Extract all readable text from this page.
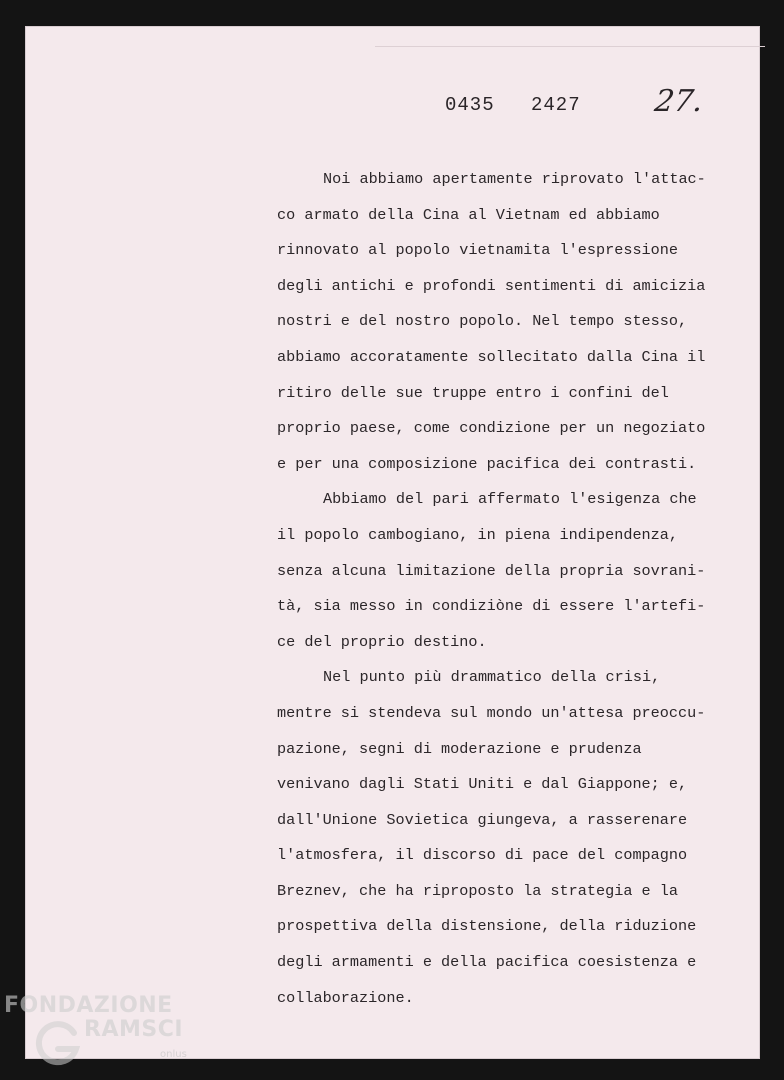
0435 2427 27.
Noi abbiamo apertamente riprovato l'attac-
co armato della Cina al Vietnam ed abbiamo
rinnovato al popolo vietnamita l'espressione
degli antichi e profondi sentimenti di amicizia
nostri e del nostro popolo. Nel tempo stesso,
abbiamo accoratamente sollecitato dalla Cina il
ritiro delle sue truppe entro i confini del
proprio paese, come condizione per un negoziato
e per una composizione pacifica dei contrasti.
Abbiamo del pari affermato l'esigenza che
il popolo cambogiano, in piena indipendenza,
senza alcuna limitazione della propria sovrani-
tà, sia messo in condiziòne di essere l'artefi-
ce del proprio destino.
Nel punto più drammatico della crisi,
mentre si stendeva sul mondo un'attesa preoccu-
pazione, segni di moderazione e prudenza
venivano dagli Stati Uniti e dal Giappone; e,
dall'Unione Sovietica giungeva, a rasserenare
l'atmosfera, il discorso di pace del compagno
Breznev, che ha riproposto la strategia e la
prospettiva della distensione, della riduzione
degli armamenti e della pacifica coesistenza e
collaborazione.
FONDAZIONE
RAMSCI
onlus
